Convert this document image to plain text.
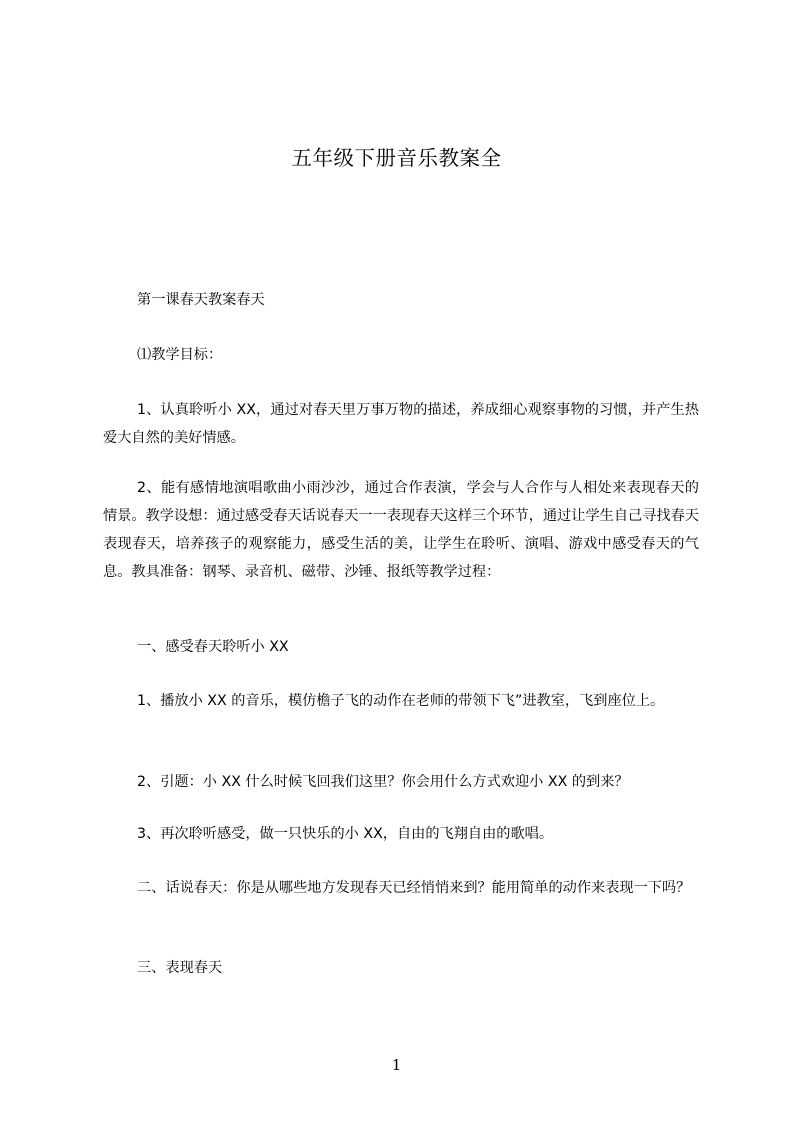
五年级下册音乐教案全

第一课春天教案春天

⑴教学目标：

1、认真聆听小 XX，通过对春天里万事万物的描述，养成细心观察事物的习惯，并产生热爱大自然的美好情感。

2、能有感情地演唱歌曲小雨沙沙，通过合作表演，学会与人合作与人相处来表现春天的情景。教学设想：通过感受春天话说春天一一表现春天这样三个环节，通过让学生自己寻找春天表现春天，培养孩子的观察能力，感受生活的美，让学生在聆听、演唱、游戏中感受春天的气息。教具准备：钢琴、录音机、磁带、沙锤、报纸等教学过程：

一、感受春天聆听小 XX

1、播放小 XX 的音乐，模仿檐子飞的动作在老师的带领下飞”进教室，飞到座位上。

2、引题：小 XX 什么时候飞回我们这里？你会用什么方式欢迎小 XX 的到来？

3、再次聆听感受，做一只快乐的小 XX，自由的飞翔自由的歌唱。

二、话说春天：你是从哪些地方发现春天已经悄悄来到？能用简单的动作来表现一下吗？

三、表现春天

1
